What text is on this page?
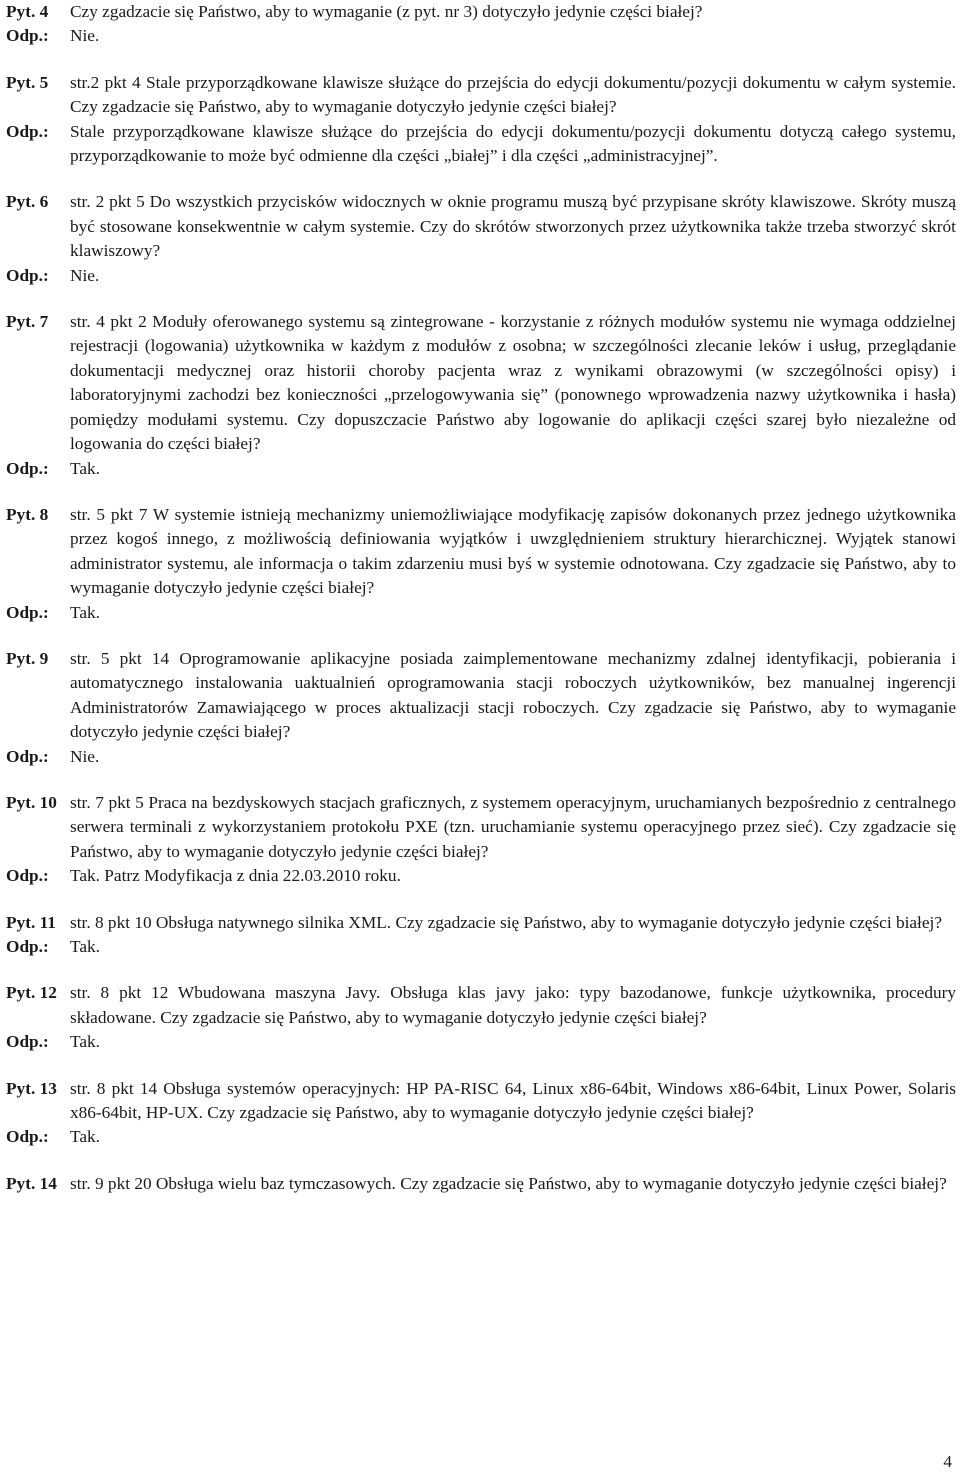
Pyt. 4 Czy zgadzacie się Państwo, aby to wymaganie (z pyt. nr 3) dotyczyło jedynie części białej?
Odp.: Nie.
Pyt. 5 str.2 pkt 4 Stale przyporządkowane klawisze służące do przejścia do edycji dokumentu/pozycji dokumentu w całym systemie. Czy zgadzacie się Państwo, aby to wymaganie dotyczyło jedynie części białej?
Odp.: Stale przyporządkowane klawisze służące do przejścia do edycji dokumentu/pozycji dokumentu dotyczą całego systemu, przyporządkowanie to może być odmienne dla części „białej” i dla części „administracyjnej”.
Pyt. 6 str. 2 pkt 5 Do wszystkich przycisków widocznych w oknie programu muszą być przypisane skróty klawiszowe. Skróty muszą być stosowane konsekwentnie w całym systemie. Czy do skrótów stworzonych przez użytkownika także trzeba stworzyć skrót klawiszowy?
Odp.: Nie.
Pyt. 7 str. 4 pkt 2 Moduły oferowanego systemu są zintegrowane - korzystanie z różnych modułów systemu nie wymaga oddzielnej rejestracji (logowania) użytkownika w każdym z modułów z osobna; w szczególności zlecanie leków i usług, przeglądanie dokumentacji medycznej oraz historii choroby pacjenta wraz z wynikami obrazowymi (w szczególności opisy) i laboratoryjnymi zachodzi bez konieczności „przelogowywania się” (ponownego wprowadzenia nazwy użytkownika i hasła) pomiędzy modułami systemu. Czy dopuszczacie Państwo aby logowanie do aplikacji części szarej było niezależne od logowania do części białej?
Odp.: Tak.
Pyt. 8 str. 5 pkt 7 W systemie istnieją mechanizmy uniemożliwiające modyfikację zapisów dokonanych przez jednego użytkownika przez kogoś innego, z możliwością definiowania wyjątków i uwzględnieniem struktury hierarchicznej. Wyjątek stanowi administrator systemu, ale informacja o takim zdarzeniu musi byś w systemie odnotowana. Czy zgadzacie się Państwo, aby to wymaganie dotyczyło jedynie części białej?
Odp.: Tak.
Pyt. 9 str. 5 pkt 14 Oprogramowanie aplikacyjne posiada zaimplementowane mechanizmy zdalnej identyfikacji, pobierania i automatycznego instalowania uaktualnień oprogramowania stacji roboczych użytkowników, bez manualnej ingerencji Administratorów Zamawiającego w proces aktualizacji stacji roboczych. Czy zgadzacie się Państwo, aby to wymaganie dotyczyło jedynie części białej?
Odp.: Nie.
Pyt. 10 str. 7 pkt 5 Praca na bezdyskowych stacjach graficznych, z systemem operacyjnym, uruchamianych bezpośrednio z centralnego serwera terminali z wykorzystaniem protokołu PXE (tzn. uruchamianie systemu operacyjnego przez sieć). Czy zgadzacie się Państwo, aby to wymaganie dotyczyło jedynie części białej?
Odp.: Tak. Patrz Modyfikacja z dnia 22.03.2010 roku.
Pyt. 11 str. 8 pkt 10 Obsługa natywnego silnika XML. Czy zgadzacie się Państwo, aby to wymaganie dotyczyło jedynie części białej?
Odp.: Tak.
Pyt. 12 str. 8 pkt 12 Wbudowana maszyna Javy. Obsługa klas javy jako: typy bazodanowe, funkcje użytkownika, procedury składowane. Czy zgadzacie się Państwo, aby to wymaganie dotyczyło jedynie części białej?
Odp.: Tak.
Pyt. 13 str. 8 pkt 14 Obsługa systemów operacyjnych: HP PA-RISC 64, Linux x86-64bit, Windows x86-64bit, Linux Power, Solaris x86-64bit, HP-UX. Czy zgadzacie się Państwo, aby to wymaganie dotyczyło jedynie części białej?
Odp.: Tak.
Pyt. 14 str. 9 pkt 20 Obsługa wielu baz tymczasowych. Czy zgadzacie się Państwo, aby to wymaganie dotyczyło jedynie części białej?
4
